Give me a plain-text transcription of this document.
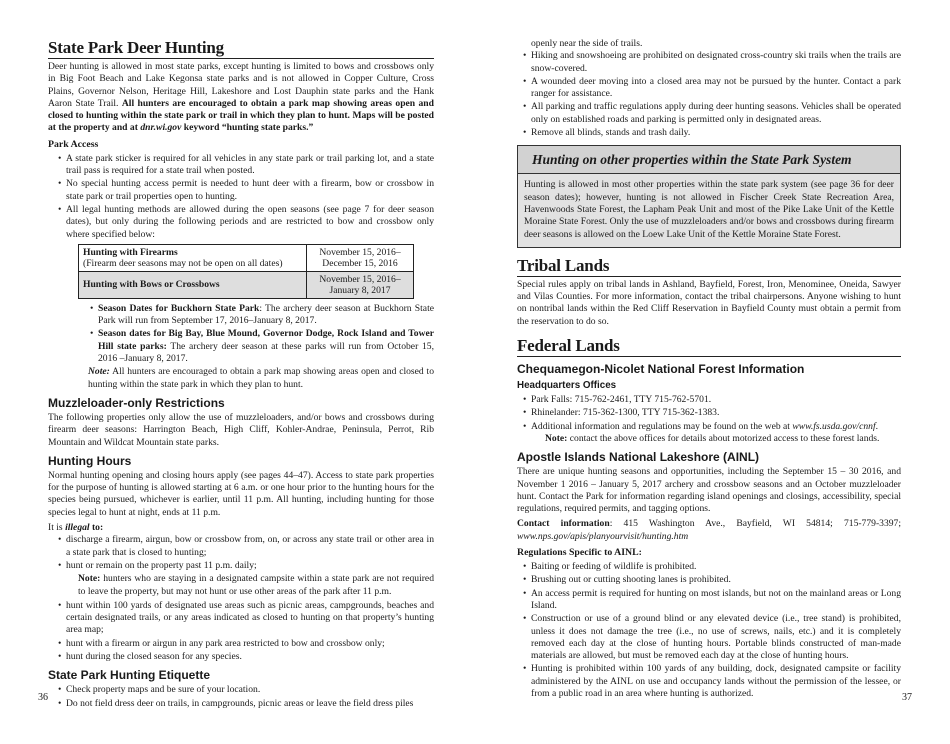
State Park Deer Hunting

Deer hunting is allowed in most state parks, except hunting is limited to bows and crossbows only in Big Foot Beach and Lake Kegonsa state parks and is not allowed in Copper Culture, Cross Plains, Governor Nelson, Heritage Hill, Lakeshore and Lost Dauphin state parks and the Hank Aaron State Trail. All hunters are encouraged to obtain a park map showing areas open and closed to hunting within the state park or trail in which they plan to hunt. Maps will be posted at the property and at dnr.wi.gov keyword “hunting state parks.”

Park Access
• A state park sticker is required for all vehicles in any state park or trail parking lot, and a state trail pass is required for a state trail when posted.
• No special hunting access permit is needed to hunt deer with a firearm, bow or crossbow in state park or trail properties open to hunting.
• All legal hunting methods are allowed during the open seasons (see page 7 for deer season dates), but only during the following periods and are restricted to bow and crossbow only where specified below:
Hunting with Firearms
(Firearm deer seasons may not be open on all dates)	November 15, 2016–
December 15, 2016
Hunting with Bows or Crossbows	November 15, 2016–
January 8, 2017
• Season Dates for Buckhorn State Park: The archery deer season at Buckhorn State Park will run from September 17, 2016–January 8, 2017.
• Season dates for Big Bay, Blue Mound, Governor Dodge, Rock Island and Tower Hill state parks: The archery deer season at these parks will run from October 15, 2016 –January 8, 2017.

Note: All hunters are encouraged to obtain a park map showing areas open and closed to hunting within the state park in which they plan to hunt.

Muzzleloader-only Restrictions

The following properties only allow the use of muzzleloaders, and/or bows and crossbows during firearm deer seasons: Harrington Beach, High Cliff, Kohler-Andrae, Peninsula, Perrot, Rib Mountain and Wildcat Mountain state parks.

Hunting Hours

Normal hunting opening and closing hours apply (see pages 44–47). Access to state park properties for the purpose of hunting is allowed starting at 6 a.m. or one hour prior to the hunting hours for the species being pursued, whichever is earlier, until 11 p.m. All hunting, including hunting for those species legal to hunt at night, ends at 11 p.m.

It is illegal to:

• discharge a firearm, airgun, bow or crossbow from, on, or across any state trail or other area in a state park that is closed to hunting;
• hunt or remain on the property past 11 p.m. daily;

Note: hunters who are staying in a designated campsite within a state park are not required to leave the property, but may not hunt or use other areas of the park after 11 p.m.

• hunt within 100 yards of designated use areas such as picnic areas, campgrounds, beaches and certain designated trails, or any areas indicated as closed to hunting on that property’s hunting area map;
• hunt with a firearm or airgun in any park area restricted to bow and crossbow only;
• hunt during the closed season for any species.
State Park Hunting Etiquette
• Check property maps and be sure of your location.
• Do not field dress deer on trails, in campgrounds, picnic areas or leave the field dress piles
36

openly near the side of trails.

• Hiking and snowshoeing are prohibited on designated cross-country ski trails when the trails are snow-covered.
• A wounded deer moving into a closed area may not be pursued by the hunter. Contact a park ranger for assistance.
• All parking and traffic regulations apply during deer hunting seasons. Vehicles shall be operated only on established roads and parking is permitted only in designated areas.
• Remove all blinds, stands and trash daily.
Hunting on other properties within the State Park System

Hunting is allowed in most other properties within the state park system (see page 36 for deer season dates); however, hunting is not allowed in Fischer Creek State Recreation Area, Havenwoods State Forest, the Lapham Peak Unit and most of the Pike Lake Unit of the Kettle Moraine State Forest. Only the use of muzzleloaders and/or bows and crossbows during firearm deer seasons is allowed on the Loew Lake Unit of the Kettle Moraine State Forest.

Tribal Lands

Special rules apply on tribal lands in Ashland, Bayfield, Forest, Iron, Menominee, Oneida, Sawyer and Vilas Counties. For more information, contact the tribal chairpersons. Anyone wishing to hunt on nontribal lands within the Red Cliff Reservation in Bayfield County must obtain a permit from the reservation to do so.

Federal Lands
Chequamegon-Nicolet National Forest Information
Headquarters Offices
• Park Falls: 715-762-2461, TTY 715-762-5701.
• Rhinelander: 715-362-1300, TTY 715-362-1383.
• Additional information and regulations may be found on the web at www.fs.usda.gov/cnnf.
Note: contact the above offices for details about motorized access to these forest lands.
Apostle Islands National Lakeshore (AINL)

There are unique hunting seasons and opportunities, including the September 15 – 30 2016, and November 1 2016 – January 5, 2017 archery and crossbow seasons and an October muzzleloader hunt. Contact the Park for information regarding island openings and closings, accessibility, special regulations, required permits, and tagging options.

Contact information: 415 Washington Ave., Bayfield, WI 54814; 715-779-3397; www.nps.gov/apis/planyourvisit/hunting.htm

Regulations Specific to AINL:
• Baiting or feeding of wildlife is prohibited.
• Brushing out or cutting shooting lanes is prohibited.
• An access permit is required for hunting on most islands, but not on the mainland areas or Long Island.
• Construction or use of a ground blind or any elevated device (i.e., tree stand) is prohibited, unless it does not damage the tree (i.e., no use of screws, nails, etc.) and it is completely removed each day at the close of hunting hours. Portable blinds constructed of man-made materials are allowed, but must be removed each day at the close of hunting hours.
• Hunting is prohibited within 100 yards of any building, dock, designated campsite or facility administered by the AINL on use and occupancy lands without the permission of the lessee, or from a public road in an area where hunting is authorized.	37
